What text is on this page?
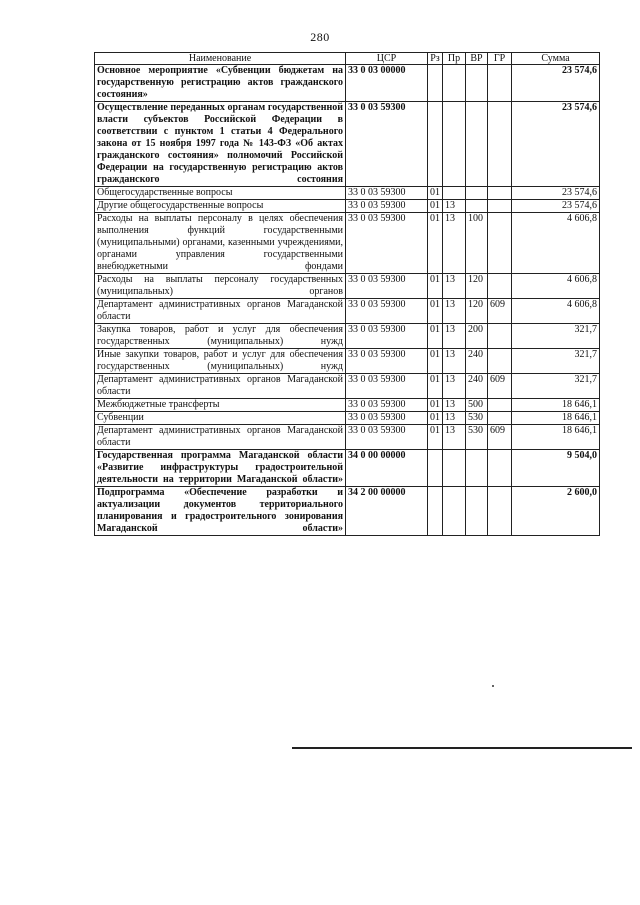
280
Наименование	ЦСР	Рз	Пр	ВР	ГР	Сумма
Основное мероприятие «Субвенции бюджетам на государственную регистрацию актов гражданского состояния»	33 0 03 00000					23 574,6
Осуществление переданных органам государственной власти субъектов Российской Федерации в соответствии с пунктом 1 статьи 4 Федерального закона от 15 ноября 1997 года № 143-ФЗ «Об актах гражданского состояния» полномочий Российской Федерации на государственную регистрацию актов гражданского состояния	33 0 03 59300					23 574,6
Общегосударственные вопросы	33 0 03 59300	01				23 574,6
Другие общегосударственные вопросы	33 0 03 59300	01	13			23 574,6
Расходы на выплаты персоналу в целях обеспечения выполнения функций государственными (муниципальными) органами, казенными учреждениями, органами управления государственными внебюджетными фондами	33 0 03 59300	01	13	100		4 606,8
Расходы на выплаты персоналу государственных (муниципальных) органов	33 0 03 59300	01	13	120		4 606,8
Департамент административных органов Магаданской области	33 0 03 59300	01	13	120	609	4 606,8
Закупка товаров, работ и услуг для обеспечения государственных (муниципальных) нужд	33 0 03 59300	01	13	200		321,7
Иные закупки товаров, работ и услуг для обеспечения государственных (муниципальных) нужд	33 0 03 59300	01	13	240		321,7
Департамент административных органов Магаданской области	33 0 03 59300	01	13	240	609	321,7
Межбюджетные трансферты	33 0 03 59300	01	13	500		18 646,1
Субвенции	33 0 03 59300	01	13	530		18 646,1
Департамент административных органов Магаданской области	33 0 03 59300	01	13	530	609	18 646,1
Государственная программа Магаданской области «Развитие инфраструктуры градостроительной деятельности на территории Магаданской области»	34 0 00 00000					9 504,0
Подпрограмма «Обеспечение разработки и актуализации документов территориального планирования и градостроительного зонирования Магаданской области»	34 2 00 00000					2 600,0
